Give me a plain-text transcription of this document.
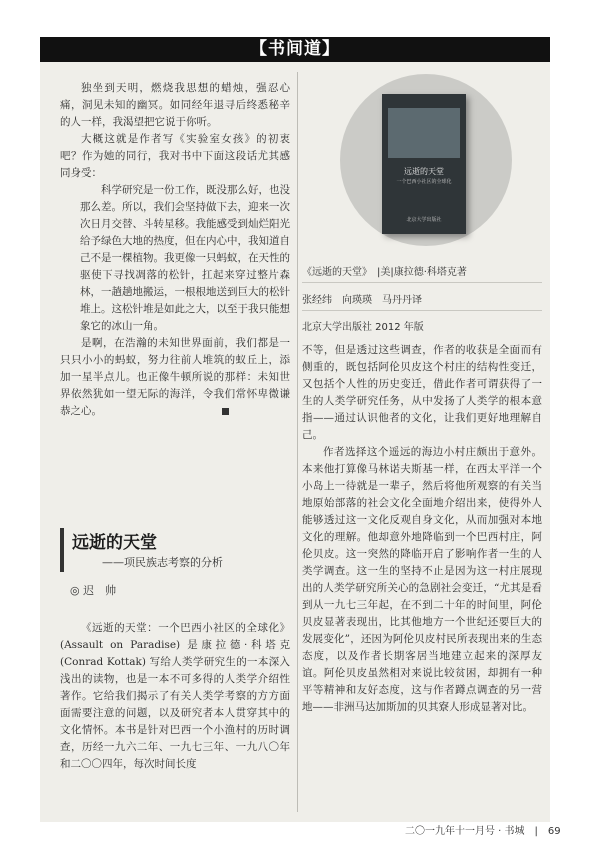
【书间道】

独坐到天明，燃烧我思想的蜡烛，强忍心痛，洞见未知的幽冥。如同经年退寻后终悉秘辛的人一样，我渴望把它说于你听。

大概这就是作者写《实验室女孩》的初衷吧？作为她的同行，我对书中下面这段话尤其感同身受：

科学研究是一份工作，既没那么好，也没那么差。所以，我们会坚持做下去，迎来一次次日月交替、斗转星移。我能感受到灿烂阳光给予绿色大地的热度，但在内心中，我知道自己不是一棵植物。我更像一只蚂蚁，在天性的驱使下寻找凋落的松针，扛起来穿过整片森林，一趟趟地搬运，一根根地送到巨大的松针堆上。这松针堆是如此之大，以至于我只能想象它的冰山一角。

是啊，在浩瀚的未知世界面前，我们都是一只只小小的蚂蚁，努力往前人堆筑的蚁丘上，添加一星半点儿。也正像牛顿所说的那样：未知世界依然犹如一望无际的海洋，令我们常怀卑微谦恭之心。

远逝的天堂
——项民族志考察的分析
◎ 迟　帅

《远逝的天堂：一个巴西小社区的全球化》(Assault on Paradise) 是康拉德·科塔克 (Conrad Kottak) 写给人类学研究生的一本深入浅出的读物，也是一本不可多得的人类学介绍性著作。它给我们揭示了有关人类学考察的方方面面需要注意的问题，以及研究者本人贯穿其中的文化情怀。本书是针对巴西一个小渔村的历时调查，历经一九六二年、一九七三年、一九八〇年和二〇〇四年，每次时间长度

远逝的天堂
一个巴西小社区的全球化
北京大学出版社
《远逝的天堂》　|美|康拉德·科塔克著
张经纬　向瑛瑛　马丹丹译
北京大学出版社 2012 年版

不等，但是透过这些调查，作者的收获是全面而有侧重的，既包括阿伦贝皮这个村庄的结构性变迁，又包括个人性的历史变迁，借此作者可谓获得了一生的人类学研究任务，从中发扬了人类学的根本意指——通过认识他者的文化，让我们更好地理解自己。

作者选择这个遥远的海边小村庄颇出于意外。本来他打算像马林诺夫斯基一样，在西太平洋一个小岛上一待就是一辈子，然后将他所观察的有关当地原始部落的社会文化全面地介绍出来，使得外人能够透过这一文化反观自身文化，从而加强对本地文化的理解。他却意外地降临到一个巴西村庄，阿伦贝皮。这一突然的降临开启了影响作者一生的人类学调查。这一生的坚持不止是因为这一村庄展现出的人类学研究所关心的急剧社会变迁，“尤其是看到从一九七三年起，在不到二十年的时间里，阿伦贝皮显著表现出，比其他地方一个世纪还要巨大的发展变化”，还因为阿伦贝皮村民所表现出来的生态态度，以及作者长期客居当地建立起来的深厚友谊。阿伦贝皮虽然相对来说比较贫困，却拥有一种平等精神和友好态度，这与作者蹲点调查的另一营地——非洲马达加斯加的贝其寮人形成显著对比。

二〇一九年十一月号 · 书城　|　69
